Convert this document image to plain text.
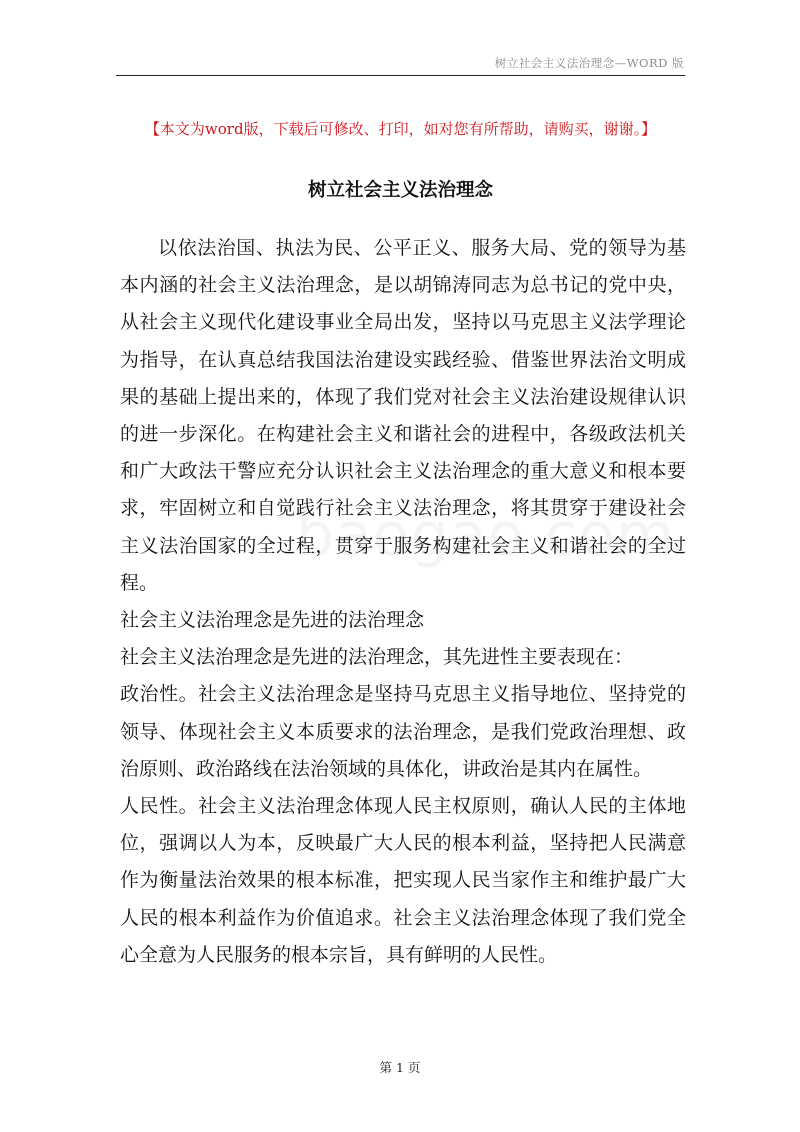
树立社会主义法治理念—WORD 版
【本文为word版，下载后可修改、打印，如对您有所帮助，请购买，谢谢。】
树立社会主义法治理念

以依法治国、执法为民、公平正义、服务大局、党的领导为基本内涵的社会主义法治理念，是以胡锦涛同志为总书记的党中央，从社会主义现代化建设事业全局出发，坚持以马克思主义法学理论为指导，在认真总结我国法治建设实践经验、借鉴世界法治文明成果的基础上提出来的，体现了我们党对社会主义法治建设规律认识的进一步深化。在构建社会主义和谐社会的进程中，各级政法机关和广大政法干警应充分认识社会主义法治理念的重大意义和根本要求，牢固树立和自觉践行社会主义法治理念，将其贯穿于建设社会主义法治国家的全过程，贯穿于服务构建社会主义和谐社会的全过程。

社会主义法治理念是先进的法治理念

社会主义法治理念是先进的法治理念，其先进性主要表现在：

政治性。社会主义法治理念是坚持马克思主义指导地位、坚持党的领导、体现社会主义本质要求的法治理念，是我们党政治理想、政治原则、政治路线在法治领域的具体化，讲政治是其内在属性。

人民性。社会主义法治理念体现人民主权原则，确认人民的主体地位，强调以人为本，反映最广大人民的根本利益，坚持把人民满意作为衡量法治效果的根本标准，把实现人民当家作主和维护最广大人民的根本利益作为价值追求。社会主义法治理念体现了我们党全心全意为人民服务的根本宗旨，具有鲜明的人民性。

第 1 页
